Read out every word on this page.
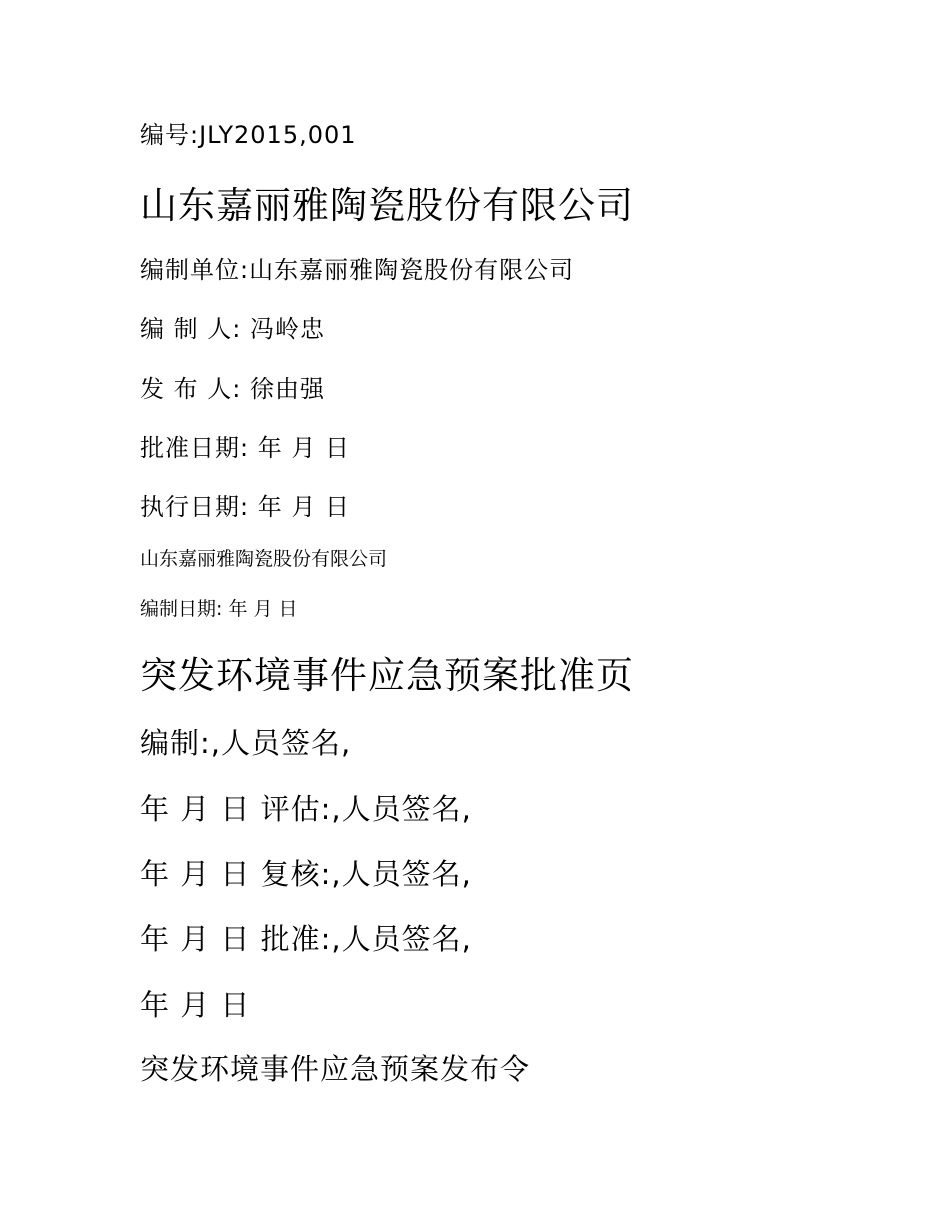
编号:JLY2015,001
山东嘉丽雅陶瓷股份有限公司
编制单位:山东嘉丽雅陶瓷股份有限公司
编 制 人: 冯岭忠
发 布 人: 徐由强
批准日期: 年 月 日
执行日期: 年 月 日
山东嘉丽雅陶瓷股份有限公司
编制日期: 年 月 日
突发环境事件应急预案批准页
编制:,人员签名,
年 月 日 评估:,人员签名,
年 月 日 复核:,人员签名,
年 月 日 批准:,人员签名,
年 月 日
突发环境事件应急预案发布令
